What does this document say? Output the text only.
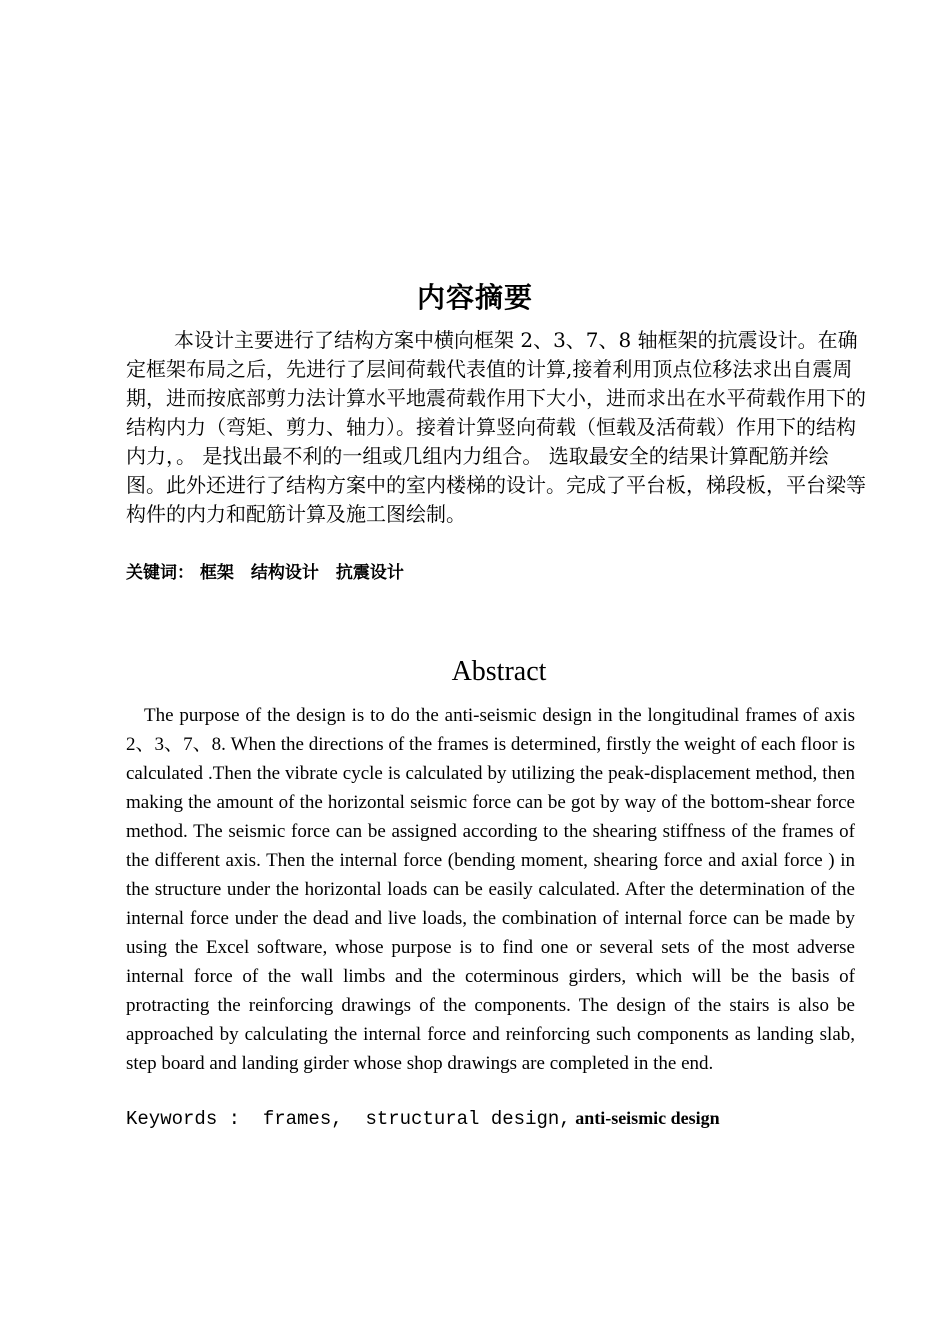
内容摘要

本设计主要进行了结构方案中横向框架 2、3、7、8 轴框架的抗震设计。在确定框架布局之后，先进行了层间荷载代表值的计算,接着利用顶点位移法求出自震周期，进而按底部剪力法计算水平地震荷载作用下大小，进而求出在水平荷载作用下的结构内力（弯矩、剪力、轴力）。接着计算竖向荷载（恒载及活荷载）作用下的结构内力，。 是找出最不利的一组或几组内力组合。 选取最安全的结果计算配筋并绘图。此外还进行了结构方案中的室内楼梯的设计。完成了平台板，梯段板，平台梁等构件的内力和配筋计算及施工图绘制。

关键词： 框架　结构设计　抗震设计
Abstract

The purpose of the design is to do the anti-seismic design in the longitudinal frames of axis 2、3、7、8. When the directions of the frames is determined, firstly the weight of each floor is calculated .Then the vibrate cycle is calculated by utilizing the peak-displacement method, then making the amount of the horizontal seismic force can be got by way of the bottom-shear force method. The seismic force can be assigned according to the shearing stiffness of the frames of the different axis. Then the internal force (bending moment, shearing force and axial force ) in the structure under the horizontal loads can be easily calculated. After the determination of the internal force under the dead and live loads, the combination of internal force can be made by using the Excel software, whose purpose is to find one or several sets of the most adverse internal force of the wall limbs and the coterminous girders, which will be the basis of protracting the reinforcing drawings of the components. The design of the stairs is also be approached by calculating the internal force and reinforcing such components as landing slab, step board and landing girder whose shop drawings are completed in the end.

Keywords :  frames,  structural design, anti-seismic design
